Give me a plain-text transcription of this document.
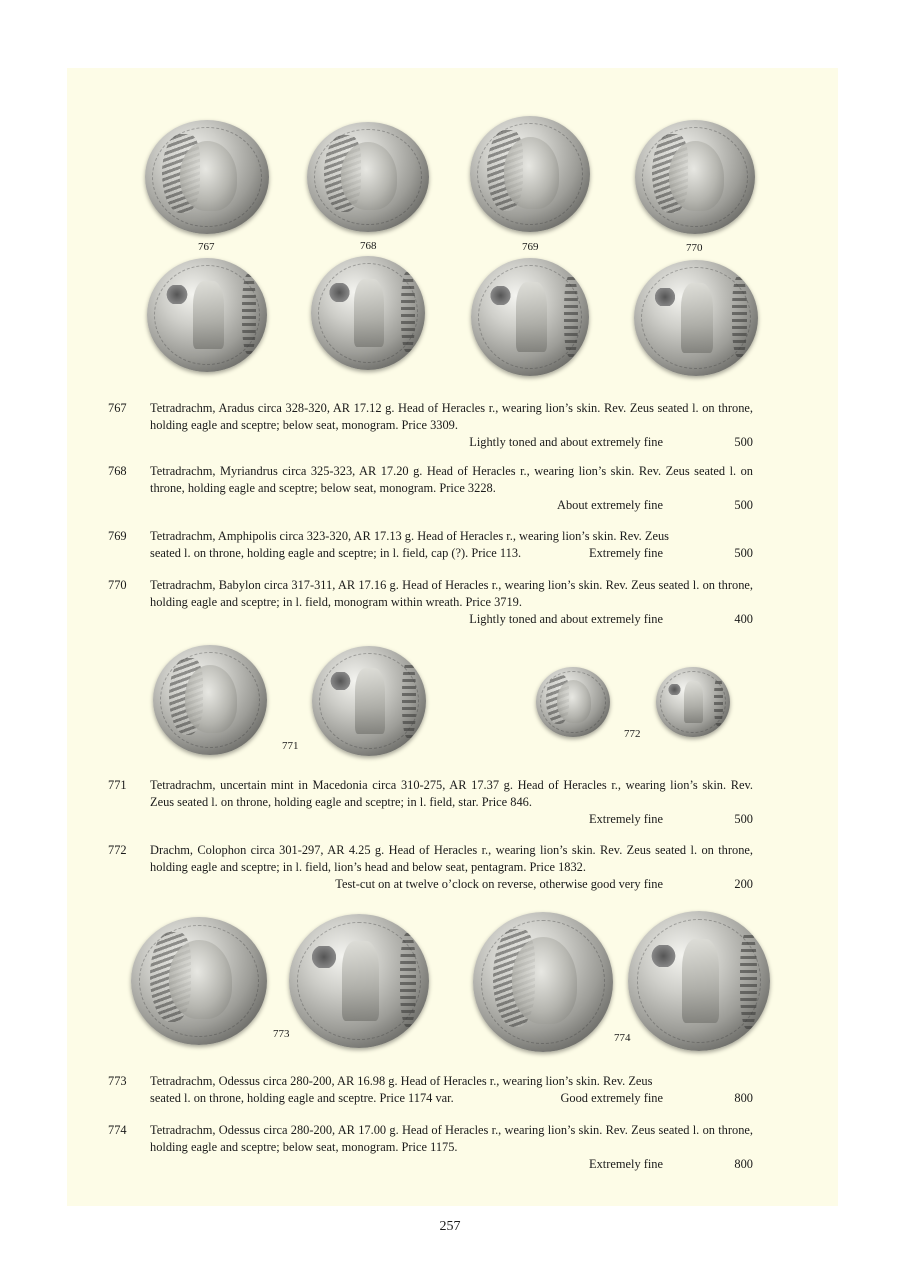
767	768	769	770
767 Tetradrachm, Aradus circa 328-320, AR 17.12 g. Head of Heracles r., wearing lion’s skin. Rev. Zeus seated l. on throne, holding eagle and sceptre; below seat, monogram. Price 3309.
Lightly toned and about extremely fine	500
768 Tetradrachm, Myriandrus circa 325-323, AR 17.20 g. Head of Heracles r., wearing lion’s skin. Rev. Zeus seated l. on throne, holding eagle and sceptre; below seat, monogram. Price 3228.
About extremely fine	500
769 Tetradrachm, Amphipolis circa 323-320, AR 17.13 g. Head of Heracles r., wearing lion’s skin. Rev. Zeus
seated l. on throne, holding eagle and sceptre; in l. field, cap (?). Price 113.	Extremely fine	500
770 Tetradrachm, Babylon circa 317-311, AR 17.16 g. Head of Heracles r., wearing lion’s skin. Rev. Zeus seated l. on throne, holding eagle and sceptre; in l. field, monogram within wreath. Price 3719.
Lightly toned and about extremely fine	400
771
772
771 Tetradrachm, uncertain mint in Macedonia circa 310-275, AR 17.37 g. Head of Heracles r., wearing lion’s skin. Rev. Zeus seated l. on throne, holding eagle and sceptre; in l. field, star. Price 846.
Extremely fine	500
772 Drachm, Colophon circa 301-297, AR 4.25 g. Head of Heracles r., wearing lion’s skin. Rev. Zeus seated l. on throne, holding eagle and sceptre; in l. field, lion’s head and below seat, pentagram. Price 1832.
Test-cut on at twelve o’clock on reverse, otherwise good very fine	200
773	774
773 Tetradrachm, Odessus circa 280-200, AR 16.98 g. Head of Heracles r., wearing lion’s skin. Rev. Zeus
seated l. on throne, holding eagle and sceptre. Price 1174 var.	Good extremely fine	800
774 Tetradrachm, Odessus circa 280-200, AR 17.00 g. Head of Heracles r., wearing lion’s skin. Rev. Zeus seated l. on throne, holding eagle and sceptre; below seat, monogram. Price 1175.
Extremely fine	800
257
